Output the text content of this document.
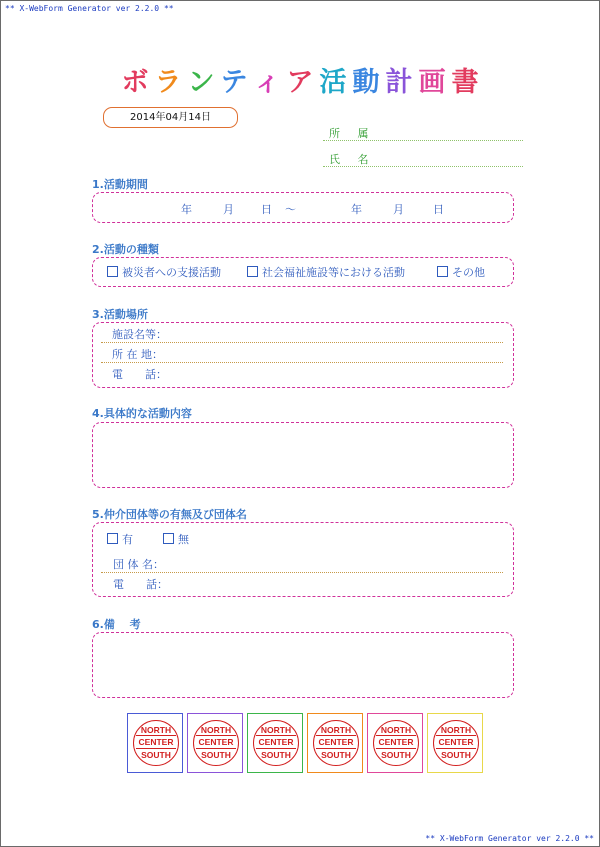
** X-WebForm Generator ver 2.2.0 **
ボ ラ ン テ ィ ア 活 動 計 画 書
2014年04月14日
所 属
氏 名
1.活動期間
年	月 日 ～	年	月	日
2.活動の種類
被災者への支援活動	社会福祉施設等における活動	その他
3.活動場所
施設名等：
所 在 地：
電　　話：
4.具体的な活動内容
5.仲介団体等の有無及び団体名
有	無
団 体 名：
電　　話：
6.備　 考
NORTH
CENTER
SOUTH
NORTH
CENTER
SOUTH
NORTH
CENTER
SOUTH
NORTH
CENTER
SOUTH
NORTH
CENTER
SOUTH
NORTH
CENTER
SOUTH
** X-WebForm Generator ver 2.2.0 **
